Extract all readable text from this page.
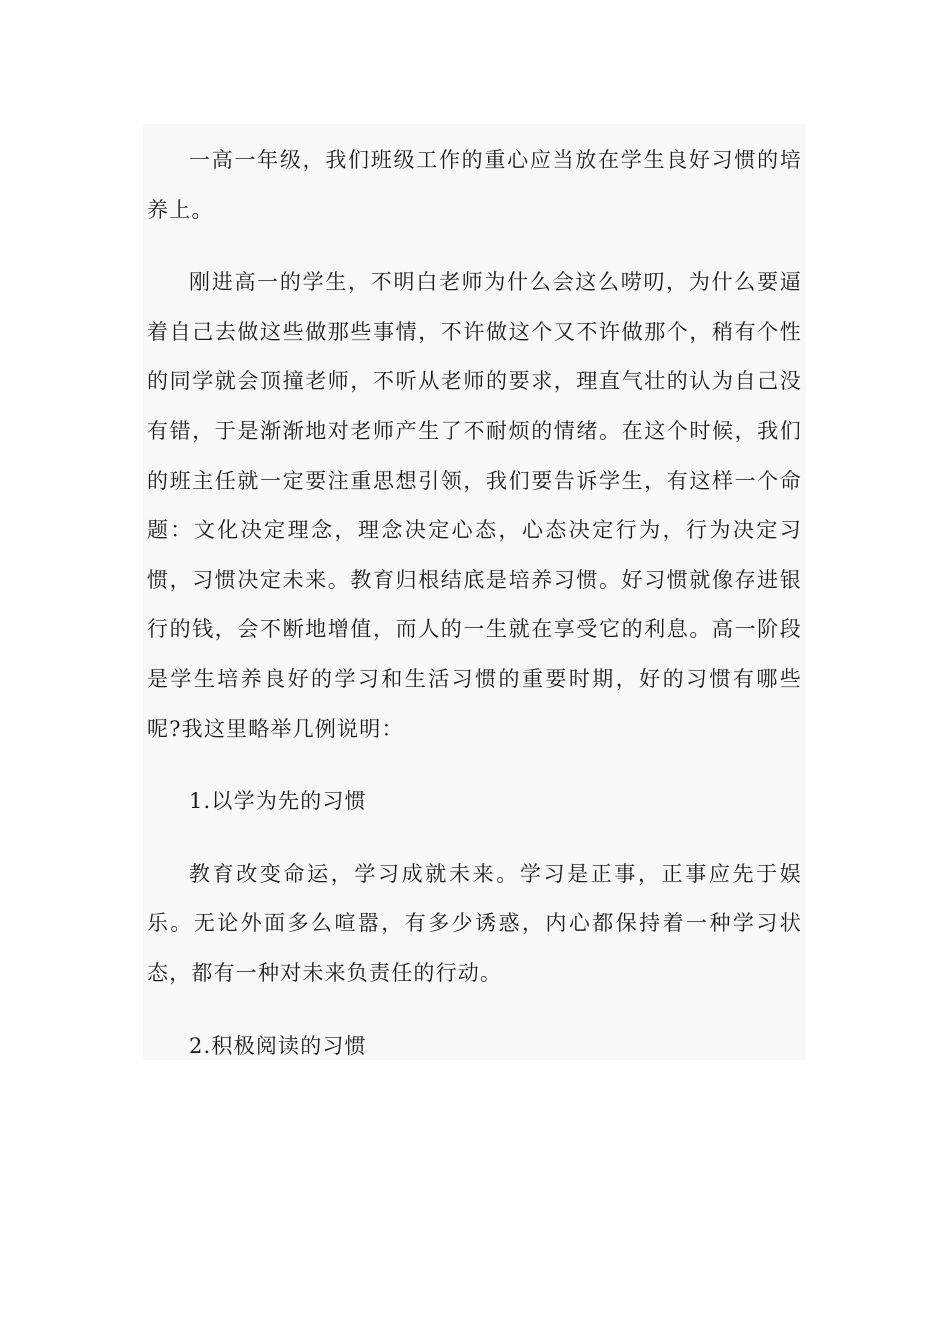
一高一年级，我们班级工作的重心应当放在学生良好习惯的培养上。

刚进高一的学生，不明白老师为什么会这么唠叨，为什么要逼着自己去做这些做那些事情，不许做这个又不许做那个，稍有个性的同学就会顶撞老师，不听从老师的要求，理直气壮的认为自己没有错，于是渐渐地对老师产生了不耐烦的情绪。在这个时候，我们的班主任就一定要注重思想引领，我们要告诉学生，有这样一个命题：文化决定理念，理念决定心态，心态决定行为，行为决定习惯，习惯决定未来。教育归根结底是培养习惯。好习惯就像存进银行的钱，会不断地增值，而人的一生就在享受它的利息。高一阶段是学生培养良好的学习和生活习惯的重要时期，好的习惯有哪些呢?我这里略举几例说明：

1.以学为先的习惯

教育改变命运，学习成就未来。学习是正事，正事应先于娱乐。无论外面多么喧嚣，有多少诱惑，内心都保持着一种学习状态，都有一种对未来负责任的行动。

2.积极阅读的习惯
